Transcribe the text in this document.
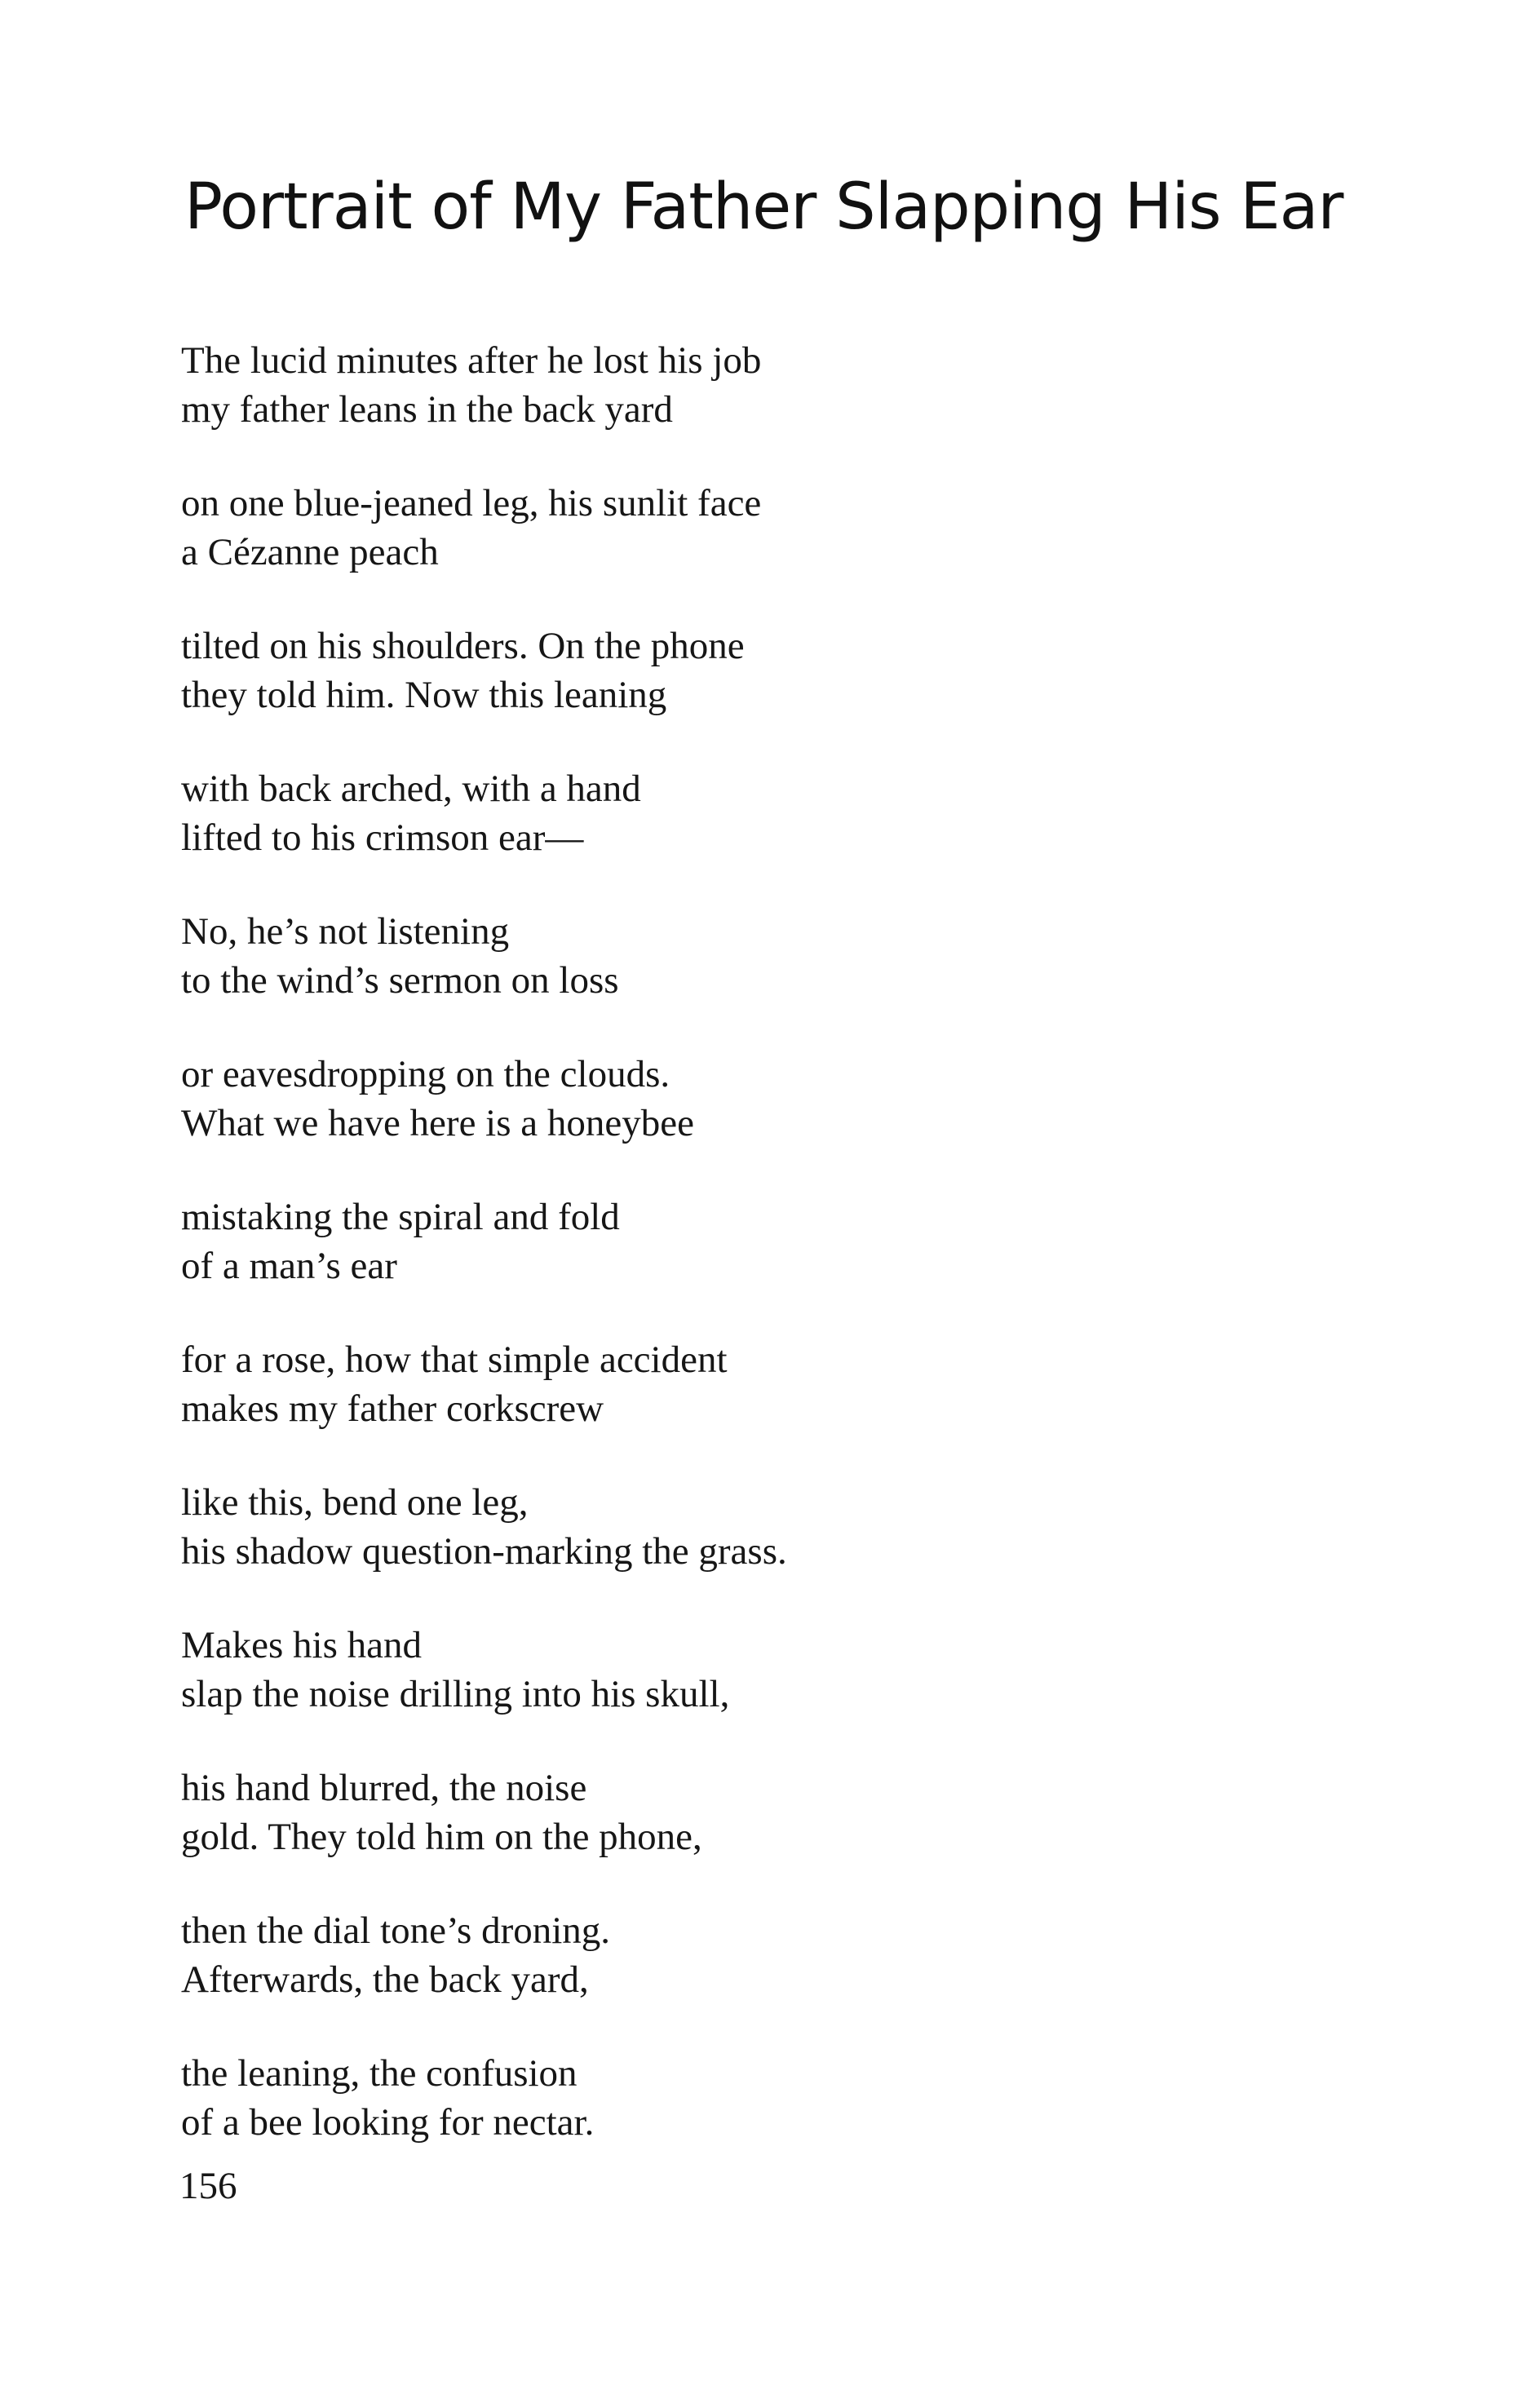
Portrait of My Father Slapping His Ear
The lucid minutes after he lost his job
my father leans in the back yard
on one blue-jeaned leg, his sunlit face
a Cézanne peach
tilted on his shoulders. On the phone
they told him. Now this leaning
with back arched, with a hand
lifted to his crimson ear—
No, he’s not listening
to the wind’s sermon on loss
or eavesdropping on the clouds.
What we have here is a honeybee
mistaking the spiral and fold
of a man’s ear
for a rose, how that simple accident
makes my father corkscrew
like this, bend one leg,
his shadow question-marking the grass.
Makes his hand
slap the noise drilling into his skull,
his hand blurred, the noise
gold. They told him on the phone,
then the dial tone’s droning.
Afterwards, the back yard,
the leaning, the confusion
of a bee looking for nectar.
156
